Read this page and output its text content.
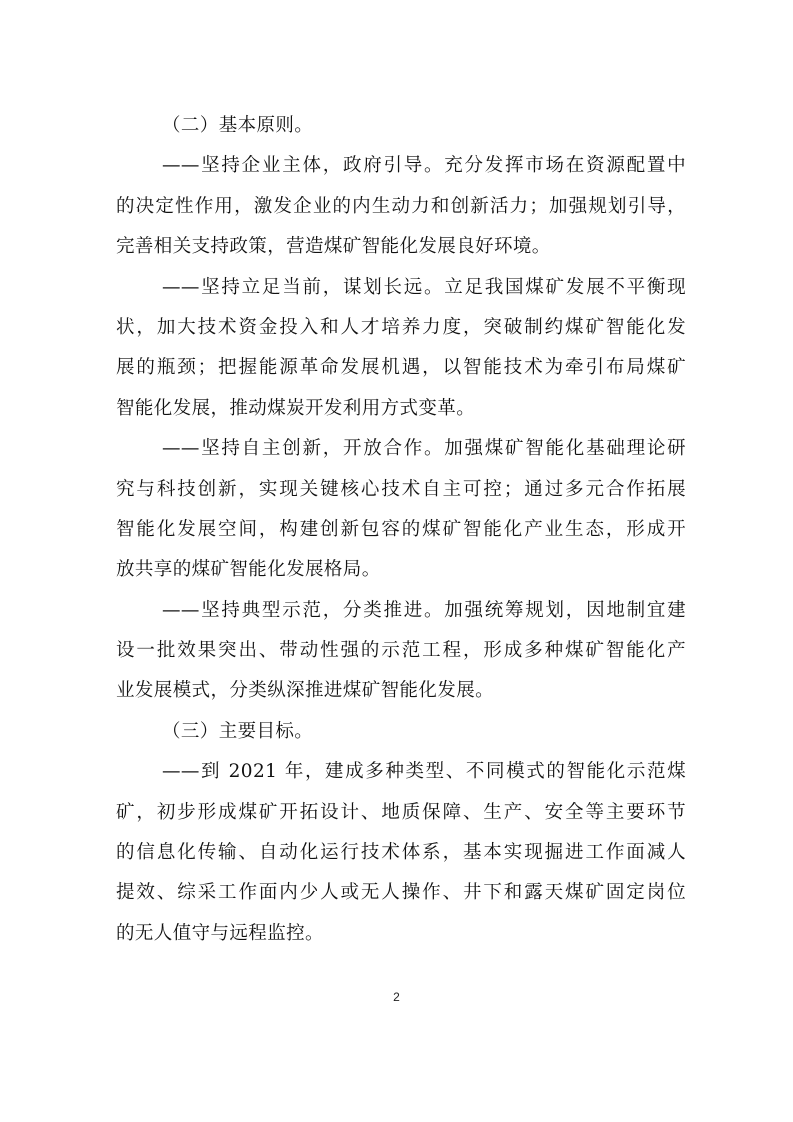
（二）基本原则。
——坚持企业主体，政府引导。充分发挥市场在资源配置中
的决定性作用，激发企业的内生动力和创新活力；加强规划引导，
完善相关支持政策，营造煤矿智能化发展良好环境。
——坚持立足当前，谋划长远。立足我国煤矿发展不平衡现
状，加大技术资金投入和人才培养力度，突破制约煤矿智能化发
展的瓶颈；把握能源革命发展机遇，以智能技术为牵引布局煤矿
智能化发展，推动煤炭开发利用方式变革。
——坚持自主创新，开放合作。加强煤矿智能化基础理论研
究与科技创新，实现关键核心技术自主可控；通过多元合作拓展
智能化发展空间，构建创新包容的煤矿智能化产业生态，形成开
放共享的煤矿智能化发展格局。
——坚持典型示范，分类推进。加强统筹规划，因地制宜建
设一批效果突出、带动性强的示范工程，形成多种煤矿智能化产
业发展模式，分类纵深推进煤矿智能化发展。
（三）主要目标。
——到 2021 年，建成多种类型、不同模式的智能化示范煤
矿，初步形成煤矿开拓设计、地质保障、生产、安全等主要环节
的信息化传输、自动化运行技术体系，基本实现掘进工作面减人
提效、综采工作面内少人或无人操作、井下和露天煤矿固定岗位
的无人值守与远程监控。
2
